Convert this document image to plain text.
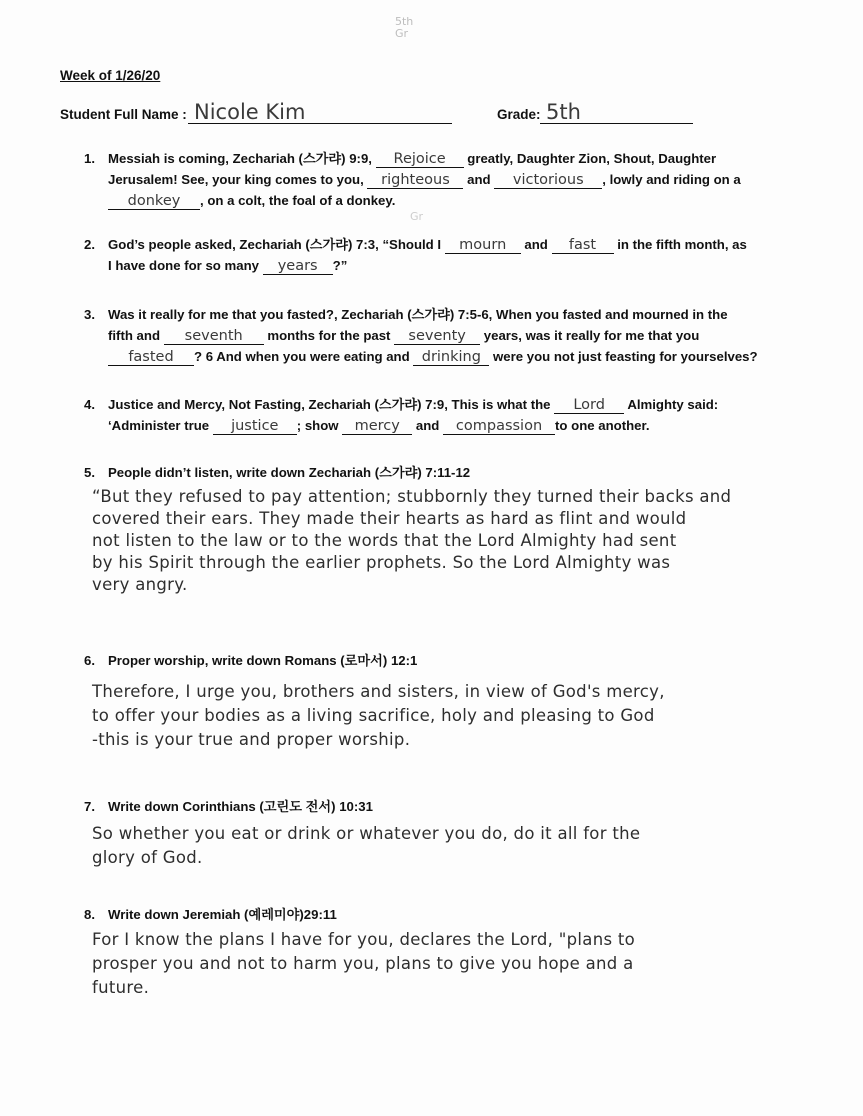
5th
Gr
Gr
Week of 1/26/20
Student Full Name : Nicole Kim	Grade: 5th
1. Messiah is coming, Zechariah (스가랴) 9:9, Rejoice greatly, Daughter Zion, Shout, Daughter
Jerusalem! See, your king comes to you, righteous and victorious , lowly and riding on a
donkey , on a colt, the foal of a donkey.
2. God’s people asked, Zechariah (스가랴) 7:3, “Should I mourn and fast in the fifth month, as
I have done for so many years ?”
3. Was it really for me that you fasted?, Zechariah (스가랴) 7:5-6, When you fasted and mourned in the
fifth and seventh months for the past seventy years, was it really for me that you
fasted ? 6 And when you were eating and drinking were you not just feasting for yourselves?
4. Justice and Mercy, Not Fasting, Zechariah (스가랴) 7:9, This is what the Lord Almighty said:
‘Administer true justice ; show mercy and compassion to one another.
5. People didn’t listen, write down Zechariah (스가랴) 7:11-12
“But they refused to pay attention; stubbornly they turned their backs and
covered their ears. They made their hearts as hard as flint and would
not listen to the law or to the words that the Lord Almighty had sent
by his Spirit through the earlier prophets. So the Lord Almighty was
very angry.
6. Proper worship, write down Romans (로마서) 12:1
Therefore, I urge you, brothers and sisters, in view of God's mercy,
to offer your bodies as a living sacrifice, holy and pleasing to God
-this is your true and proper worship.
7. Write down Corinthians (고린도 전서) 10:31
So whether you eat or drink or whatever you do, do it all for the
glory of God.
8. Write down Jeremiah (예레미야)29:11
For I know the plans I have for you, declares the Lord, "plans to
prosper you and not to harm you, plans to give you hope and a
future.
